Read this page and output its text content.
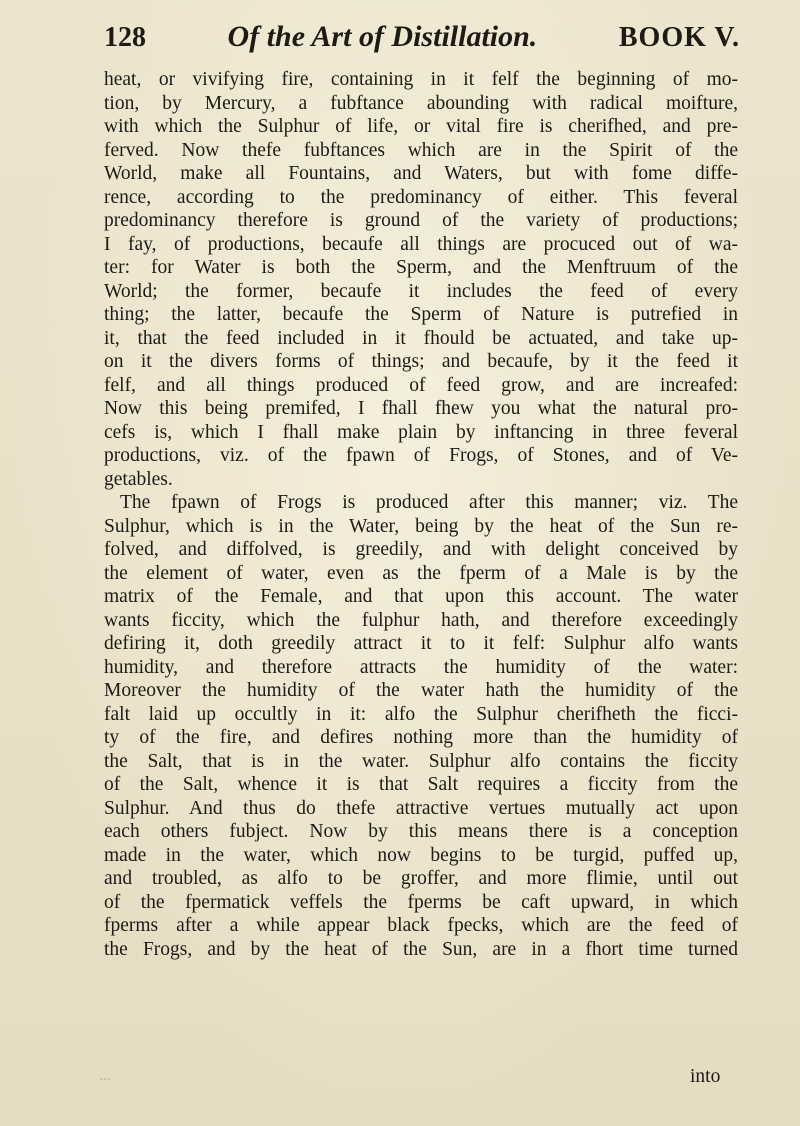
128	Of the Art of Distillation.	BOOK V.
heat, or vivifying fire, containing in it felf the beginning of mo-
tion, by Mercury, a fubftance abounding with radical moifture,
with which the Sulphur of life, or vital fire is cherifhed, and pre-
ferved. Now thefe fubftances which are in the Spirit of the
World, make all Fountains, and Waters, but with fome diffe-
rence, according to the predominancy of either. This feveral
predominancy therefore is ground of the variety of productions;
I fay, of productions, becaufe all things are procuced out of wa-
ter: for Water is both the Sperm, and the Menftruum of the
World; the former, becaufe it includes the feed of every
thing; the latter, becaufe the Sperm of Nature is putrefied in
it, that the feed included in it fhould be actuated, and take up-
on it the divers forms of things; and becaufe, by it the feed it
felf, and all things produced of feed grow, and are increafed:
Now this being premifed, I fhall fhew you what the natural pro-
cefs is, which I fhall make plain by inftancing in three feveral
productions, viz. of the fpawn of Frogs, of Stones, and of Ve-
getables.
The fpawn of Frogs is produced after this manner; viz. The
Sulphur, which is in the Water, being by the heat of the Sun re-
folved, and diffolved, is greedily, and with delight conceived by
the element of water, even as the fperm of a Male is by the
matrix of the Female, and that upon this account. The water
wants ficcity, which the fulphur hath, and therefore exceedingly
defiring it, doth greedily attract it to it felf: Sulphur alfo wants
humidity, and therefore attracts the humidity of the water:
Moreover the humidity of the water hath the humidity of the
falt laid up occultly in it: alfo the Sulphur cherifheth the ficci-
ty of the fire, and defires nothing more than the humidity of
the Salt, that is in the water. Sulphur alfo contains the ficcity
of the Salt, whence it is that Salt requires a ficcity from the
Sulphur. And thus do thefe attractive vertues mutually act upon
each others fubject. Now by this means there is a conception
made in the water, which now begins to be turgid, puffed up,
and troubled, as alfo to be groffer, and more flimie, until out
of the fpermatick veffels the fperms be caft upward, in which
fperms after a while appear black fpecks, which are the feed of
the Frogs, and by the heat of the Sun, are in a fhort time turned
...	into
